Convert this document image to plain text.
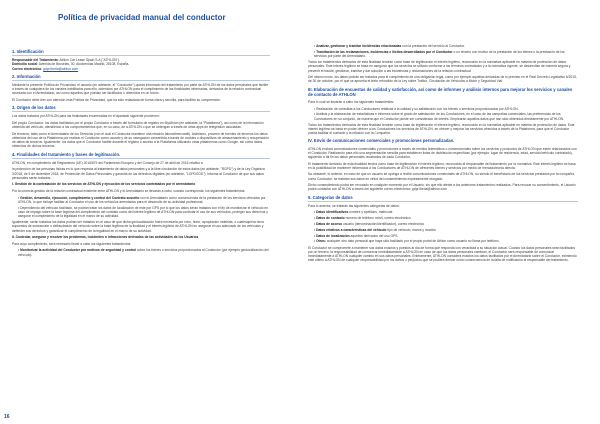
Política de privacidad manual del conductor
1. Identificación

Responsable del Tratamiento: Athlon Car Lease Spain S.A ("ATHLON").
Domicilio social: Avenida de Bruselas, 30, Alcobendas Madrid, 28108, España.
Correo electrónico: gdpr.iberia@athlon.com

2. Información

Mediante la presente Política de Privacidad, el usuario (en adelante, el "Conductor") queda informado del tratamiento por parte de ATHLON de los datos personales que facilite a través de cualquiera de los canales habilitados para ello, obtenidos por ATHLON para el cumplimiento de las finalidades informadas, derivados de la relación contractual acordada con el Arrendatario, así como aquellos que puedan ser facilitados u obtenidos en un futuro.

El Conductor debe leer con atención esta Política de Privacidad, que ha sido redactada de forma clara y sencilla, para facilitar su comprensión.

3. Origen de los datos

Los datos tratados por ATHLON para las finalidades enumeradas en el apartado siguiente provienen:

Del propio Conductor: los datos facilitados por el propio Conductor a través del formulario de registro en MyAthlon (en adelante, la "Plataforma"), así como de la información obtenida del vehículo, atendiendo a los comportamientos que, en su caso, de a ATHLON o que se obtengan a través de otras apps de telegestión asociadas.

De terceros: tales como el Arrendatario de los Servicios (con el cual el Conductor mantiene una relación laboral/mercantil). Asimismo, proveen de fuentes de terceros los datos obtenidos del uso de la Plataforma por realizar el Conductor como usuario y de su navegación consentida a través de cookies o dispositivos de almacenamiento y recuperación de datos de terceros. Igualmente, los datos que el Conductor facilite durante el registro o acceso a la Plataforma utilizando otras plataformas como Google, así como datos obtenidos de dichos terceros.

4. Finalidades del tratamiento y bases de legitimación.

ATHLON, en cumplimiento del Reglamento (UE) 2016/679 del Parlamento Europeo y del Consejo de 27 de abril de 2016 relativo a

la protección de las personas físicas en lo que respecta al tratamiento de datos personales y a la libre circulación de estos datos (en adelante, "RGPD") y de la Ley Orgánica 3/2018, de 5 de diciembre 2018, de Protección de Datos Personales y garantía de los derechos digitales (en adelante, "LOPDGDD"), informa al Conductor de que sus datos personales serán tratados:

I. Gestión de la contratación de los servicios de ATHLON y ejecución de los servicios contratados por el arrendatario

Por la correcta gestión de la relación contractual existente entre ATHLON y el Arrendatario se llevarán a cabo, cuando corresponda, los siguientes tratamientos:

• Gestión, desarrollo, ejecución, cumplimiento y control del Contrato suscrito con el Arrendatario como consecuencia de la prestación de los servicios ofrecidos por ATHLON, lo que incluye facilitar al Conductor el uso de los vehículos arrendados para el desarrollo de su actividad profesional.
• Dependiendo del vehículo facilitado, se podrán tratar los datos de localización de este por GPS por lo que los datos serán tratados con el fin de monitorizar el vehículo en caso de impago sobre la base legítima del cumplimiento del contrato como del interés legítimo de ATHLON para controlar el uso de sus vehículos, proteger sus derechos y asegurar el cumplimiento de la legalidad en el marco de su actividad.

Igualmente, serán tratados los datos podrán ser tratados en el caso de que dicha geolocalización fuera necesaria por robo, hurto, apropiación indebida, o cualesquiera otros supuestos de sustracción o defraudación del vehículo sobre la base legítima de la finalidad y el interés legítimo de ATHLON en asegurar el uso adecuado de los vehículos y defender sus derechos y garantizar el cumplimiento de la legalidad en el marco de su actividad.

II. Controlar, asegurar y resolver los problemas, incidentes o infracciones derivados de las actividades de los Usuarios

Para cuyo cumplimiento, será necesario llevar a cabo los siguientes tratamientos:

• Monitorizar la actividad del Conductor por motivos de seguridad y control sobre los bienes o servicios proporcionados al Conductor (por ejemplo geolocalización del vehículo).
• Analizar, gestionar y tramitar incidencias relacionadas con la prestación del servicio al Conductor.
• Tramitación de las reclamaciones, incidencias e ilícitos desarrollados por el Conductor o un tercero con motivo de la prestación de los bienes o la prestación de los servicios por parte del Arrendatario.

Todos los tratamientos derivados de esta finalidad tendrán como base de legitimación el interés legítimo, reconocido en la normativa aplicable en materia de protección de datos personales. Este interés legítimo se basa en asegurar que los servicios se utilizan conforme a los términos contratados y a la normativa vigente, se desarrollan de manera segura y prevenir el fraude, gestionar, tramitar y dar solución a las incidencias y reclamaciones de la relación contractual.

Del mismo modo, los datos podrán ser tratados para el cumplimiento de una obligación legal, como por ejemplo aquellas derivadas de lo previsto en el Real Decreto Legislativo 6/2015, de 30 de octubre, por el que se aprueba el texto refundido de la Ley sobre Tráfico, Circulación de Vehículos a Motor y Seguridad Vial.

III. Elaboración de encuestas de calidad y satisfacción, así como de informes y análisis internos para mejorar los servicios y canales de contacto de ATHLON

Para lo cual se llevarán a cabo los siguientes tratamientos:

• Realización de consultas a los Conductores relativas a la calidad y su satisfacción con los bienes o servicios proporcionados por ATHLON.
• Análisis y la elaboración de estadísticas e informes sobre el grado de satisfacción de los Conductores, en el caso de las campañas comerciales, las preferencias de los Conductores en su conjunto, de manera que el Conductor puede ser considerado de interés. Emplearán aquellos datos que han sido obtenidos directamente por ATHLON.

Todos los tratamientos derivados de esta finalidad tendrán como base de legitimación el interés legítimo, reconocido en la normativa aplicable en materia de protección de datos. Este interés legítimo se basa en poder ofrecer a los Conductores los servicios de ATHLON, en ofrecer y mejorar los servicios ofrecidos a través de la Plataforma, para que el Conductor pueda facilitar el contacto y la relación con la Compañía.

IV. Envío de comunicaciones comerciales y promociones personalizadas.

ATHLON enviará comunicaciones comerciales y promociones a través de medios telemáticos o convencionales sobre los servicios y productos de ATHLON que estén relacionados con el Conductor. Realizando para ello una segmentación sencilla para establecer listas de distribución específicas (por ejemplo: lugar de residencia, edad, servicio/vehículo contratado), siguiendo a tal fin los datos personales recabados de cada Conductor.

El tratamiento derivado de esta finalidad tendrá como base de legitimación el interés legítimo, reconocido al responsable del tratamiento por la normativa. Este interés legítimo se basa en la posibilidad de mantener informados a los Conductores de ATHLON de ofrecerles bienes y servicios por medio de mercadotecnia directa.

No obstante, lo anterior, en caso de que un usuario se oponga a recibir comunicaciones comerciales de ATHLON, no siendo el beneficiario de los servicios prestados por la compañía como Conductor, se tratarán sus datos en virtud del consentimiento expresamente otorgado.

Dicho consentimiento podrá ser revocado en cualquier momento por el Usuario, sin que ello afecte a los anteriores tratamientos realizados. Para revocar su consentimiento, el Usuario podrá contactar con ATHLON a través del siguiente correo electrónico: gdpr.iberia@athlon.com

5. Categorías de datos

Para lo anterior, se tratarán las siguientes categorías de datos:

• Datos identificativos nombre y apellidos, matrícula
• Datos de contacto número de teléfono móvil, correo electrónico
• Datos de acceso usuario (denominación/identificador), correo electrónico
• Datos relativos a características del vehículo tipo de vehículo, marca y modelo
• Datos de localización aquellos derivados del uso GPS
• Otros: cualquier otro dato personal que haya sido facilitado por el propio portal de Athlon como usuario no llama por teléfono.

El Conductor se compromete a mantener sus datos exactos y puestos al día de forma que responda con veracidad a su situación actual. Cuando los datos personales sean facilitados por un tercero, la responsabilidad de comunicar inmediatamente a ATHLON en caso de que los datos personales cambian, el Conductor será responsable de comunicar inmediatamente a ATHLON cualquier cambio en sus datos personales. Enteramente, ATHLON considera exactos los datos facilitados por el Arrendatario sobre el Conductor, eximiendo este último a ATHLON de cualquier responsabilidad por los daños o perjuicios que se pudiera derivar como consecuencia de la falta de notificación al responsable del tratamiento.

16
